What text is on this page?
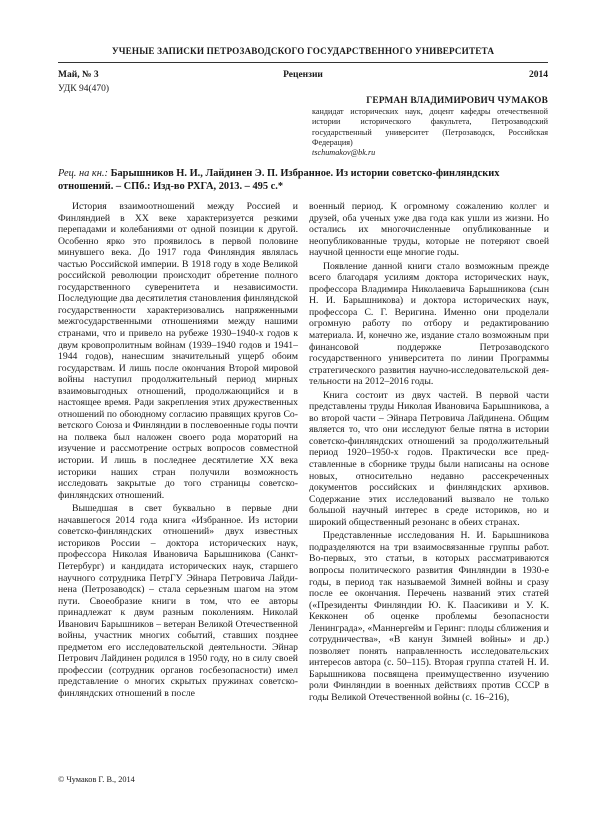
УЧЕНЫЕ ЗАПИСКИ ПЕТРОЗАВОДСКОГО ГОСУДАРСТВЕННОГО УНИВЕРСИТЕТА
Рецензии
Май, № 3	2014
УДК 94(470)
ГЕРМАН ВЛАДИМИРОВИЧ ЧУМАКОВ
кандидат исторических наук, доцент кафедры отечественной истории исторического факультета, Петрозаводский государственный университет (Петрозаводск, Российская Федерация)
tschumakov@bk.ru
Рец. на кн.: Барышников Н. И., Лайдинен Э. П. Избранное. Из истории советско-финляндских отношений. – СПб.: Изд-во РХГА, 2013. – 495 с.*

История взаимоотношений между Россией и Финляндией в ХХ веке характеризуется резкими перепадами и колебаниями от одной позиции к другой. Особенно ярко это проявилось в первой половине минувшего века. До 1917 года Финляндия являлась частью Российской империи. В 1918 году в ходе Великой российской революции происходит обретение полного государственного суверенитета и независимости. Последующие два десятилетия становления финляндской государственности характеризовались напряженными межгосударственными отношениями между нашими странами, что и привело на рубеже 1930–1940-х годов к двум кровопролитным войнам (1939–1940 годов и 1941–1944 годов), нанесшим значительный ущерб обоим государствам. И лишь после окончания Второй мировой войны наступил продолжительный период мирных взаимовыгодных отношений, продолжающийся и в настоящее время. Ради закрепления этих дружественных отношений по обоюдному согласию правящих кругов Советского Союза и Финляндии в послевоенные годы почти на полвека был наложен своего рода мораторий на изучение и рассмотрение острых вопросов совместной истории. И лишь в последнее десятилетие ХХ века историки наших стран получили возможность исследовать закрытые до того страницы советско-финляндских отношений.

Вышедшая в свет буквально в первые дни начавшегося 2014 года книга «Избранное. Из истории советско-финляндских отношений» двух известных историков России – доктора исторических наук, профессора Николая Ивановича Барышникова (Санкт-Петербург) и кандидата исторических наук, старшего научного сотрудника ПетрГУ Эйнара Петровича Лайдинена (Петрозаводск) – стала серьезным шагом на этом пути. Своеобразие книги в том, что ее авторы принадлежат к двум разным поколениям. Николай Иванович Барышников – ветеран Великой Отечественной войны, участник многих событий, ставших позднее предметом его исследовательской деятельности. Эйнар Петрович Лайдинен родился в 1950 году, но в силу своей профессии (сотрудник органов госбезопасности) имел представление о многих скрытых пружинах советско-финляндских отношений в после

военный период. К огромному сожалению коллег и друзей, оба ученых уже два года как ушли из жизни. Но остались их многочисленные опубликованные и неопубликованные труды, которые не потеряют своей научной ценности еще многие годы.

Появление данной книги стало возможным прежде всего благодаря усилиям доктора исторических наук, профессора Владимира Николаевича Барышникова (сын Н. И. Барышникова) и доктора исторических наук, профессора С. Г. Веригина. Именно они проделали огромную работу по отбору и редактированию материала. И, конечно же, издание стало возможным при финансовой поддержке Петрозаводского государственного университета по линии Программы стратегического развития научно-исследовательской деятельности на 2012–2016 годы.

Книга состоит из двух частей. В первой части представлены труды Николая Ивановича Барышникова, а во второй части – Эйнара Петровича Лайдинена. Общим является то, что они исследуют белые пятна в истории советско-финляндских отношений за продолжительный период 1920–1950-х годов. Практически все представленные в сборнике труды были написаны на основе новых, относительно недавно рассекреченных документов российских и финляндских архивов. Содержание этих исследований вызвало не только большой научный интерес в среде историков, но и широкий общественный резонанс в обеих странах.

Представленные исследования Н. И. Барышникова подразделяются на три взаимосвязанные группы работ. Во-первых, это статьи, в которых рассматриваются вопросы политического развития Финляндии в 1930-е годы, в период так называемой Зимней войны и сразу после ее окончания. Перечень названий этих статей («Президенты Финляндии Ю. К. Паасикиви и У. К. Кекконен об оценке проблемы безопасности Ленинграда», «Маннергейм и Геринг: плоды сближения и сотрудничества», «В канун Зимней войны» и др.) позволяет понять направленность исследовательских интересов автора (с. 50–115). Вторая группа статей Н. И. Барышникова посвящена преимущественно изучению роли Финляндии в военных действиях против СССР в годы Великой Отечественной войны (с. 16–216),

© Чумаков Г. В., 2014
